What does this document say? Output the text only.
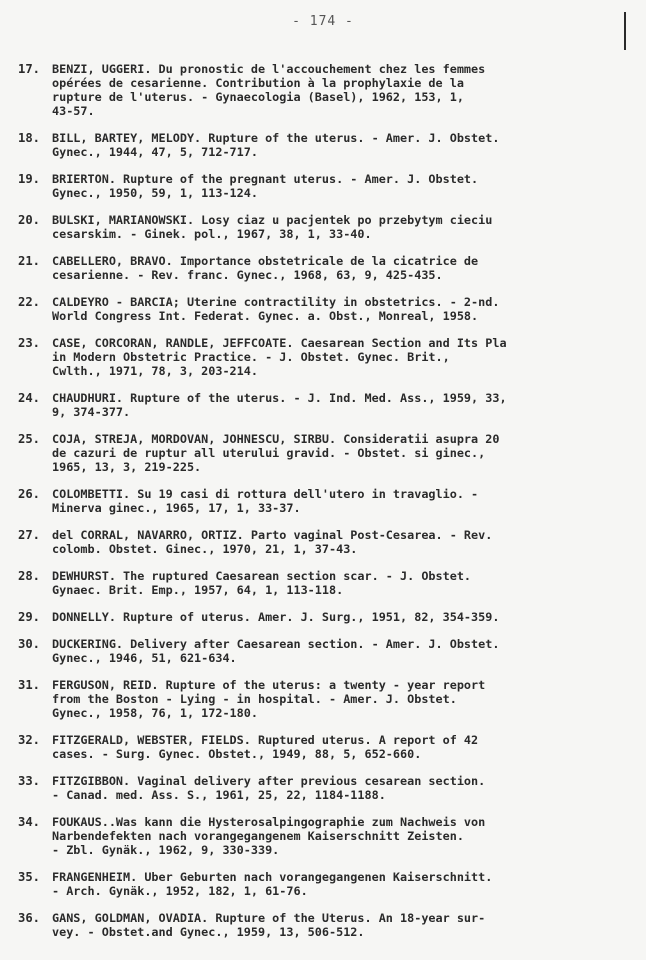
- 174 -
17.	BENZI, UGGERI. Du pronostic de l'accouchement chez les femmes
opérées de cesarienne. Contribution à la prophylaxie de la
rupture de l'uterus. - Gynaecologia (Basel), 1962, 153, 1,
43-57.
18.	BILL, BARTEY, MELODY. Rupture of the uterus. - Amer. J. Obstet.
Gynec., 1944, 47, 5, 712-717.
19.	BRIERTON. Rupture of the pregnant uterus. - Amer. J. Obstet.
Gynec., 1950, 59, 1, 113-124.
20.	BULSKI, MARIANOWSKI. Losy ciaz u pacjentek po przebytym cieciu
cesarskim. - Ginek. pol., 1967, 38, 1, 33-40.
21.	CABELLERO, BRAVO. Importance obstetricale de la cicatrice de
cesarienne. - Rev. franc. Gynec., 1968, 63, 9, 425-435.
22.	CALDEYRO - BARCIA; Uterine contractility in obstetrics. - 2-nd.
World Congress Int. Federat. Gynec. a. Obst., Monreal, 1958.
23.	CASE, CORCORAN, RANDLE, JEFFCOATE. Caesarean Section and Its Pla
in Modern Obstetric Practice. - J. Obstet. Gynec. Brit.,
Cwlth., 1971, 78, 3, 203-214.
24.	CHAUDHURI. Rupture of the uterus. - J. Ind. Med. Ass., 1959, 33,
9, 374-377.
25.	COJA, STREJA, MORDOVAN, JOHNESCU, SIRBU. Consideratii asupra 20
de cazuri de ruptur all uterului gravid. - Obstet. si ginec.,
1965, 13, 3, 219-225.
26.	COLOMBETTI. Su 19 casi di rottura dell'utero in travaglio. -
Minerva ginec., 1965, 17, 1, 33-37.
27.	del CORRAL, NAVARRO, ORTIZ. Parto vaginal Post-Cesarea. - Rev.
colomb. Obstet. Ginec., 1970, 21, 1, 37-43.
28.	DEWHURST. The ruptured Caesarean section scar. - J. Obstet.
Gynaec. Brit. Emp., 1957, 64, 1, 113-118.
29.	DONNELLY. Rupture of uterus. Amer. J. Surg., 1951, 82, 354-359.
30.	DUCKERING. Delivery after Caesarean section. - Amer. J. Obstet.
Gynec., 1946, 51, 621-634.
31.	FERGUSON, REID. Rupture of the uterus: a twenty - year report
from the Boston - Lying - in hospital. - Amer. J. Obstet.
Gynec., 1958, 76, 1, 172-180.
32.	FITZGERALD, WEBSTER, FIELDS. Ruptured uterus. A report of 42
cases. - Surg. Gynec. Obstet., 1949, 88, 5, 652-660.
33.	FITZGIBBON. Vaginal delivery after previous cesarean section.
- Canad. med. Ass. S., 1961, 25, 22, 1184-1188.
34.	FOUKAUS..Was kann die Hysterosalpingographie zum Nachweis von
Narbendefekten nach vorangegangenem Kaiserschnitt Zeisten.
- Zbl. Gynäk., 1962, 9, 330-339.
35.	FRANGENHEIM. Uber Geburten nach vorangegangenen Kaiserschnitt.
- Arch. Gynäk., 1952, 182, 1, 61-76.
36.	GANS, GOLDMAN, OVADIA. Rupture of the Uterus. An 18-year sur-
vey. - Obstet.and Gynec., 1959, 13, 506-512.
